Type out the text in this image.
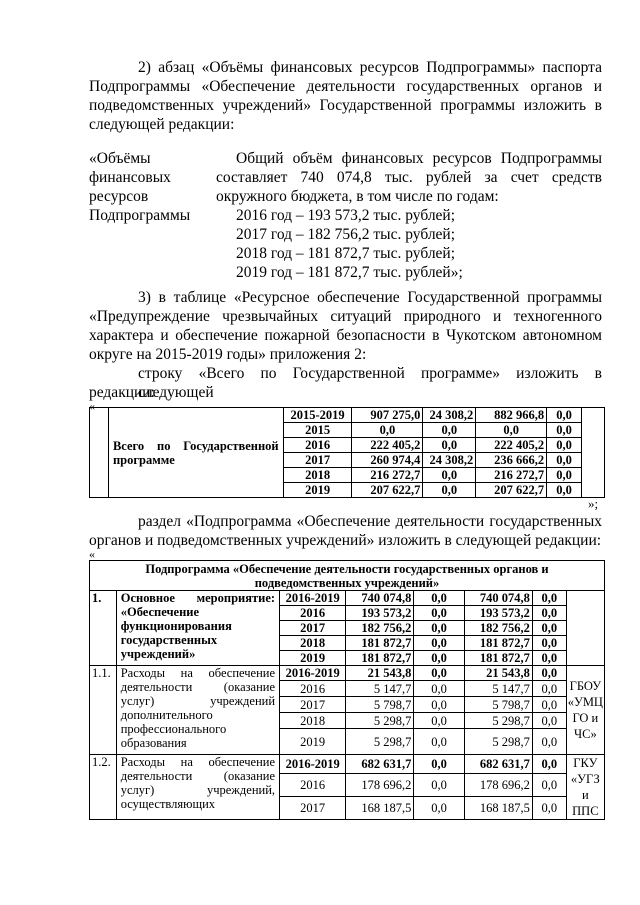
2) абзац «Объёмы финансовых ресурсов Подпрограммы» паспорта
Подпрограммы «Обеспечение деятельности государственных органов и
подведомственных учреждений» Государственной программы изложить в
следующей редакции:
«Объёмы
финансовых
ресурсов
Подпрограммы
Общий объём финансовых ресурсов Подпрограммы
составляет 740 074,8 тыс. рублей за счет средств
окружного бюджета, в том числе по годам:
2016 год – 193 573,2 тыс. рублей;
2017 год – 182 756,2 тыс. рублей;
2018 год – 181 872,7 тыс. рублей;
2019 год – 181 872,7 тыс. рублей»;
3) в таблице «Ресурсное обеспечение Государственной программы
«Предупреждение чрезвычайных ситуаций природного и техногенного
характера и обеспечение пожарной безопасности в Чукотском автономном
округе на 2015-2019 годы» приложения 2:
строку «Всего по Государственной программе» изложить в следующей
редакции:
«
	Всего по Государственной программе	2015-2019	907 275,0	24 308,2	882 966,8	0,0	
		2015	0,0	0,0	0,0	0,0	
		2016	222 405,2	0,0	222 405,2	0,0	
		2017	260 974,4	24 308,2	236 666,2	0,0	
		2018	216 272,7	0,0	216 272,7	0,0	
		2019	207 622,7	0,0	207 622,7	0,0	
»;
раздел «Подпрограмма «Обеспечение деятельности государственных
органов и подведомственных учреждений» изложить в следующей редакции:
«
Подпрограмма «Обеспечение деятельности государственных органов и подведомственных учреждений»							
1.	Основное мероприятие:
«Обеспечение функционирования государственных учреждений»	2016-2019	740 074,8	0,0	740 074,8	0,0	
		2016	193 573,2	0,0	193 573,2	0,0	
		2017	182 756,2	0,0	182 756,2	0,0	
		2018	181 872,7	0,0	181 872,7	0,0	
		2019	181 872,7	0,0	181 872,7	0,0	
1.1.	Расходы на обеспечение деятельности (оказание услуг) учреждений дополнительного профессионального образования	2016-2019	21 543,8	0,0	21 543,8	0,0	ГБОУ «УМЦ ГО и ЧС»
		2016	5 147,7	0,0	5 147,7	0,0	
		2017	5 798,7	0,0	5 798,7	0,0	
		2018	5 298,7	0,0	5 298,7	0,0	
		2019	5 298,7	0,0	5 298,7	0,0	
1.2.	Расходы на обеспечение деятельности (оказание услуг) учреждений, осуществляющих	2016-2019	682 631,7	0,0	682 631,7	0,0	ГКУ «УГЗ и ППС
		2016	178 696,2	0,0	178 696,2	0,0	
		2017	168 187,5	0,0	168 187,5	0,0	
